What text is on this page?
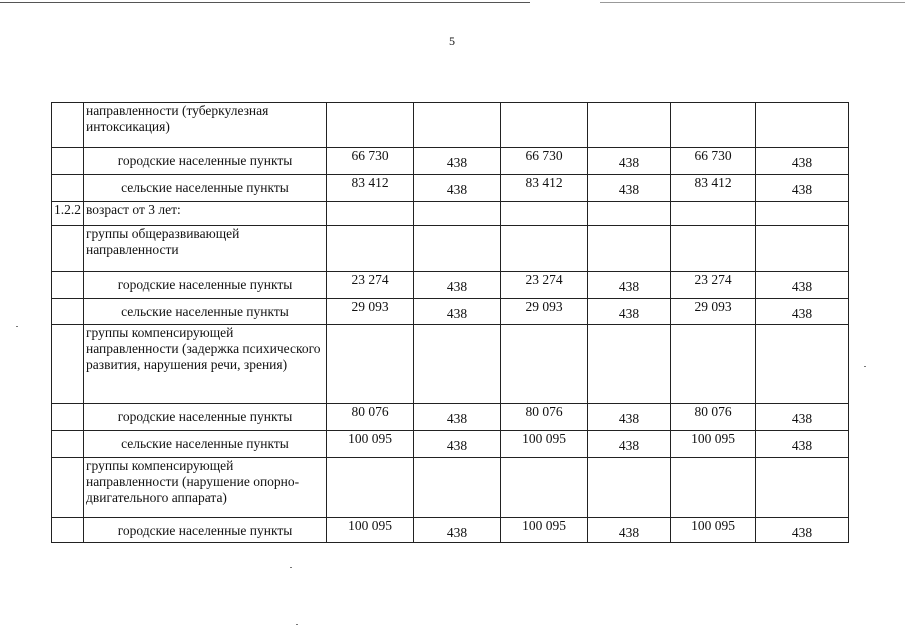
5
	направленности (туберкулезная интоксикация)						
	городские населенные пункты	66 730	438	66 730	438	66 730	438
	сельские населенные пункты	83 412	438	83 412	438	83 412	438
1.2.2	возраст от 3 лет:						
	группы общеразвивающей направленности						
	городские населенные пункты	23 274	438	23 274	438	23 274	438
	сельские населенные пункты	29 093	438	29 093	438	29 093	438
	группы компенсирующей направленности (задержка психического развития, нарушения речи, зрения)						
	городские населенные пункты	80 076	438	80 076	438	80 076	438
	сельские населенные пункты	100 095	438	100 095	438	100 095	438
	группы компенсирующей направленности (нарушение опорно-двигательного аппарата)						
	городские населенные пункты	100 095	438	100 095	438	100 095	438
